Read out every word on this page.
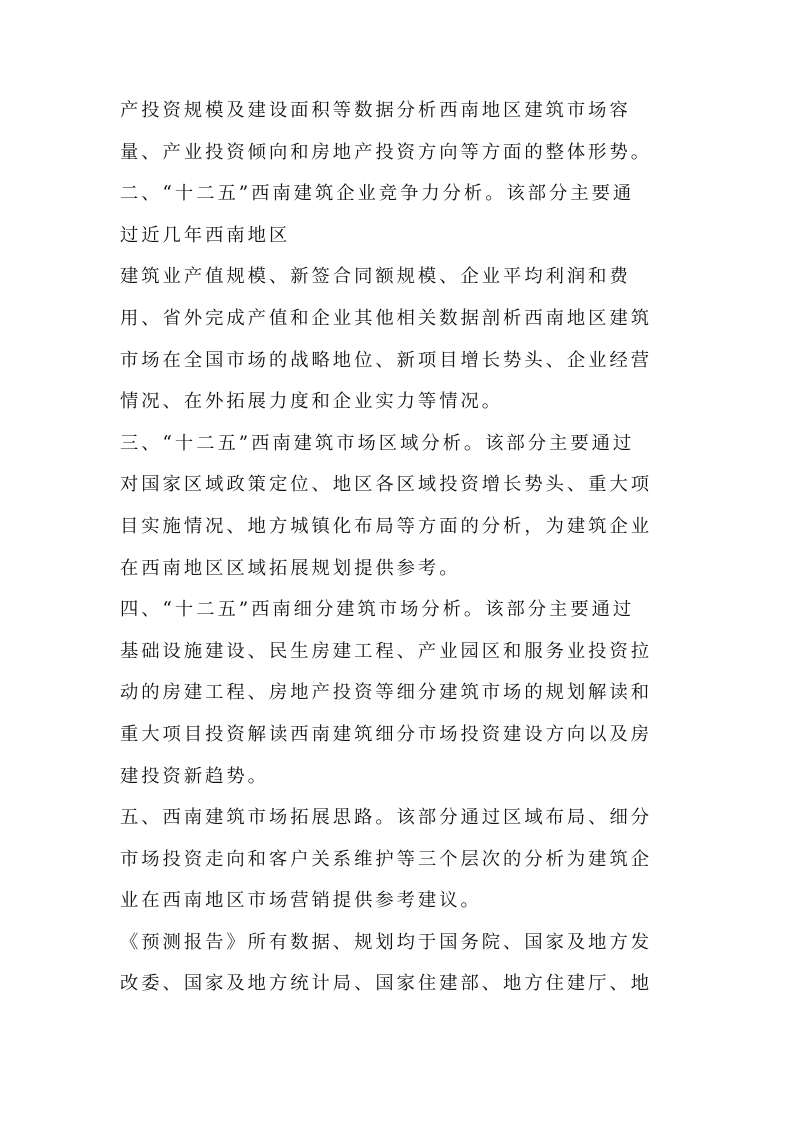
产投资规模及建设面积等数据分析西南地区建筑市场容
量、产业投资倾向和房地产投资方向等方面的整体形势。
二、“十二五”西南建筑企业竞争力分析。该部分主要通
过近几年西南地区
建筑业产值规模、新签合同额规模、企业平均利润和费
用、省外完成产值和企业其他相关数据剖析西南地区建筑
市场在全国市场的战略地位、新项目增长势头、企业经营
情况、在外拓展力度和企业实力等情况。
三、“十二五”西南建筑市场区域分析。该部分主要通过
对国家区域政策定位、地区各区域投资增长势头、重大项
目实施情况、地方城镇化布局等方面的分析，为建筑企业
在西南地区区域拓展规划提供参考。
四、“十二五”西南细分建筑市场分析。该部分主要通过
基础设施建设、民生房建工程、产业园区和服务业投资拉
动的房建工程、房地产投资等细分建筑市场的规划解读和
重大项目投资解读西南建筑细分市场投资建设方向以及房
建投资新趋势。
五、西南建筑市场拓展思路。该部分通过区域布局、细分
市场投资走向和客户关系维护等三个层次的分析为建筑企
业在西南地区市场营销提供参考建议。
《预测报告》所有数据、规划均于国务院、国家及地方发
改委、国家及地方统计局、国家住建部、地方住建厅、地
